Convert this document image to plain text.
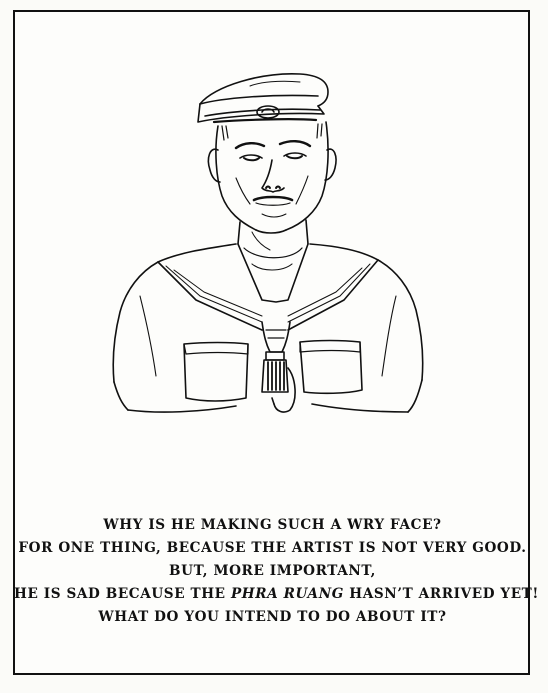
WHY IS HE MAKING SUCH A WRY FACE?
FOR ONE THING, BECAUSE THE ARTIST IS NOT VERY GOOD.
BUT, MORE IMPORTANT,
HE IS SAD BECAUSE THE PHRA RUANG HASN’T ARRIVED YET!
WHAT DO YOU INTEND TO DO ABOUT IT?
